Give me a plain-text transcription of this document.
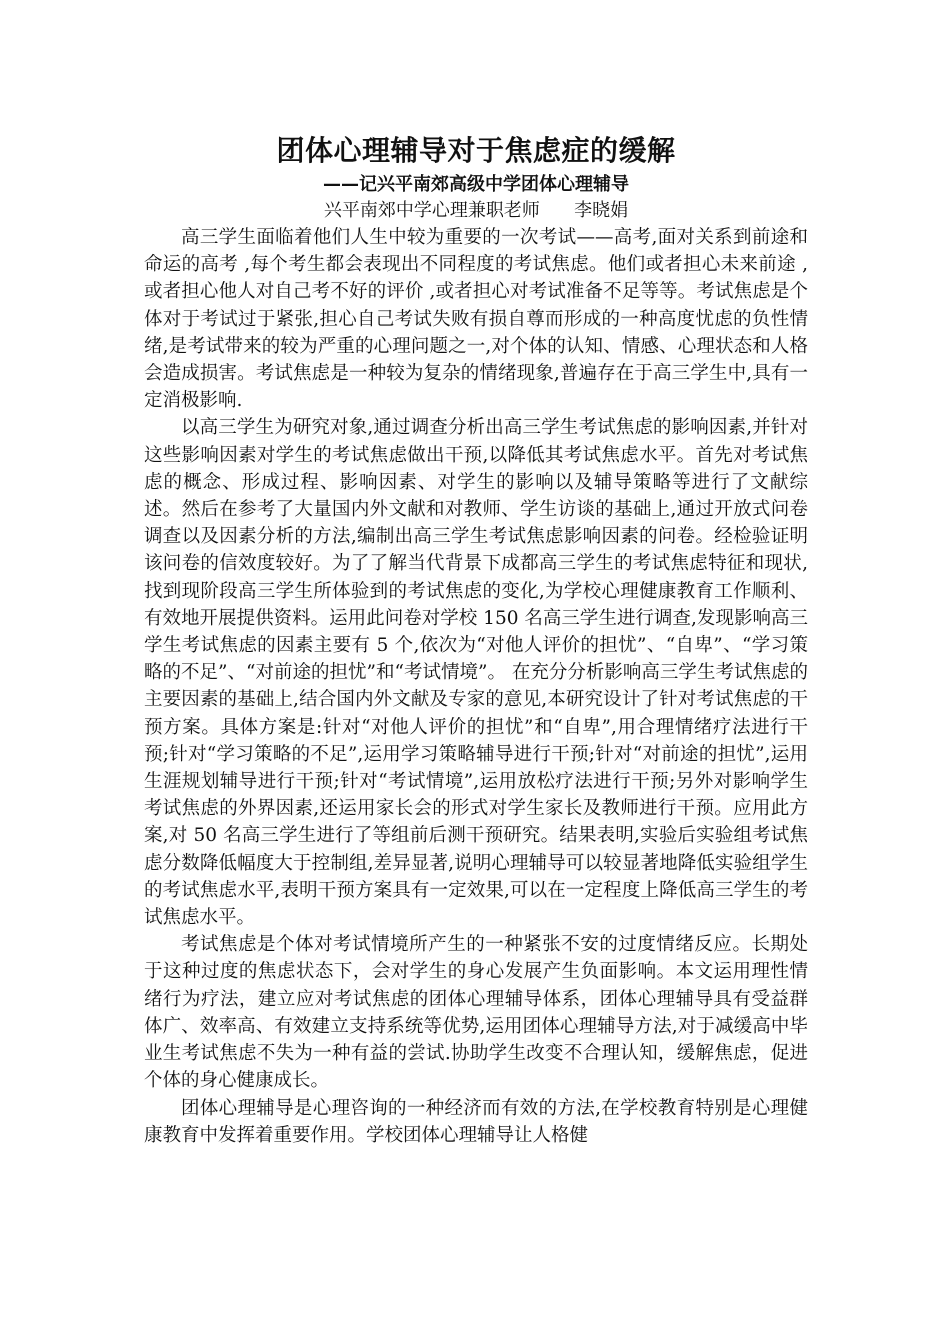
团体心理辅导对于焦虑症的缓解
——记兴平南郊高级中学团体心理辅导
兴平南郊中学心理兼职老师      李晓娟

高三学生面临着他们人生中较为重要的一次考试——高考,面对关系到前途和命运的高考 ,每个考生都会表现出不同程度的考试焦虑。他们或者担心未来前途 ,或者担心他人对自己考不好的评价 ,或者担心对考试准备不足等等。考试焦虑是个体对于考试过于紧张,担心自己考试失败有损自尊而形成的一种高度忧虑的负性情绪,是考试带来的较为严重的心理问题之一,对个体的认知、情感、心理状态和人格会造成损害。考试焦虑是一种较为复杂的情绪现象,普遍存在于高三学生中,具有一定消极影响.

以高三学生为研究对象,通过调查分析出高三学生考试焦虑的影响因素,并针对这些影响因素对学生的考试焦虑做出干预,以降低其考试焦虑水平。首先对考试焦虑的概念、形成过程、影响因素、对学生的影响以及辅导策略等进行了文献综述。然后在参考了大量国内外文献和对教师、学生访谈的基础上,通过开放式问卷调查以及因素分析的方法,编制出高三学生考试焦虑影响因素的问卷。经检验证明该问卷的信效度较好。为了了解当代背景下成都高三学生的考试焦虑特征和现状,找到现阶段高三学生所体验到的考试焦虑的变化,为学校心理健康教育工作顺利、有效地开展提供资料。运用此问卷对学校 150 名高三学生进行调查,发现影响高三学生考试焦虑的因素主要有 5 个,依次为“对他人评价的担忧”、“自卑”、“学习策略的不足”、“对前途的担忧”和“考试情境”。 在充分分析影响高三学生考试焦虑的主要因素的基础上,结合国内外文献及专家的意见,本研究设计了针对考试焦虑的干预方案。具体方案是:针对“对他人评价的担忧”和“自卑”,用合理情绪疗法进行干预;针对“学习策略的不足”,运用学习策略辅导进行干预;针对“对前途的担忧”,运用生涯规划辅导进行干预;针对“考试情境”,运用放松疗法进行干预;另外对影响学生考试焦虑的外界因素,还运用家长会的形式对学生家长及教师进行干预。应用此方案,对 50 名高三学生进行了等组前后测干预研究。结果表明,实验后实验组考试焦虑分数降低幅度大于控制组,差异显著,说明心理辅导可以较显著地降低实验组学生的考试焦虑水平,表明干预方案具有一定效果,可以在一定程度上降低高三学生的考试焦虑水平。

考试焦虑是个体对考试情境所产生的一种紧张不安的过度情绪反应。长期处于这种过度的焦虑状态下，会对学生的身心发展产生负面影响。本文运用理性情绪行为疗法，建立应对考试焦虑的团体心理辅导体系，团体心理辅导具有受益群体广、效率高、有效建立支持系统等优势,运用团体心理辅导方法,对于减缓高中毕业生考试焦虑不失为一种有益的尝试.协助学生改变不合理认知，缓解焦虑，促进个体的身心健康成长。

团体心理辅导是心理咨询的一种经济而有效的方法,在学校教育特别是心理健康教育中发挥着重要作用。学校团体心理辅导让人格健
